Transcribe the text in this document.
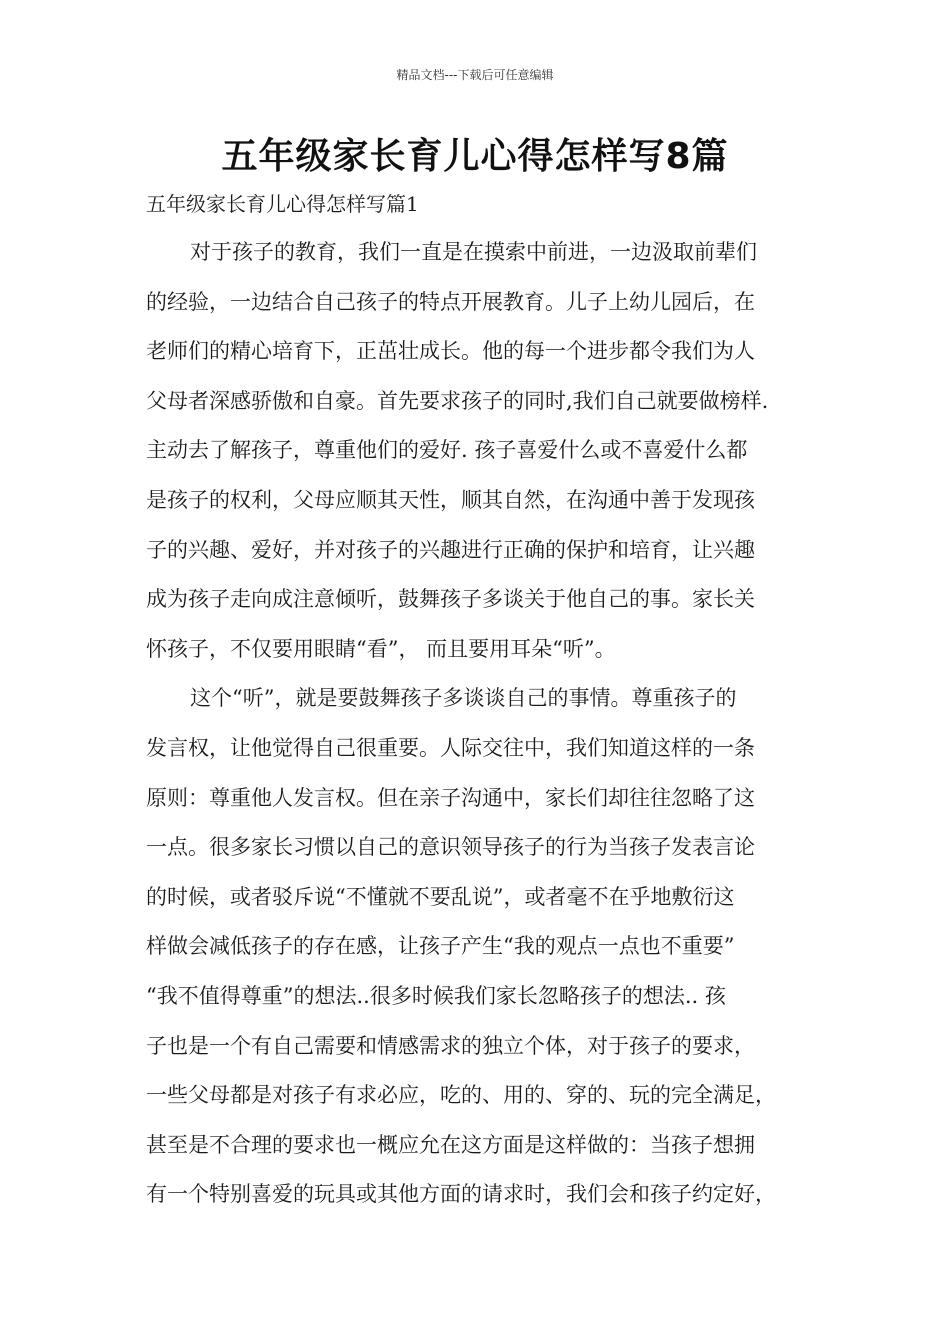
精品文档---下载后可任意编辑
五年级家长育儿心得怎样写8篇
五年级家长育儿心得怎样写篇1
对于孩子的教育，我们一直是在摸索中前进，一边汲取前辈们
的经验，一边结合自己孩子的特点开展教育。儿子上幼儿园后，在
老师们的精心培育下，正茁壮成长。他的每一个进步都令我们为人
父母者深感骄傲和自豪。首先要求孩子的同时,我们自己就要做榜样.
主动去了解孩子，尊重他们的爱好. 孩子喜爱什么或不喜爱什么都
是孩子的权利，父母应顺其天性，顺其自然，在沟通中善于发现孩
子的兴趣、爱好，并对孩子的兴趣进行正确的保护和培育，让兴趣
成为孩子走向成注意倾听，鼓舞孩子多谈关于他自己的事。家长关
怀孩子，不仅要用眼睛“看”， 而且要用耳朵“听”。
这个“听”，就是要鼓舞孩子多谈谈自己的事情。尊重孩子的
发言权，让他觉得自己很重要。人际交往中，我们知道这样的一条
原则：尊重他人发言权。但在亲子沟通中，家长们却往往忽略了这
一点。很多家长习惯以自己的意识领导孩子的行为当孩子发表言论
的时候，或者驳斥说“不懂就不要乱说”，或者毫不在乎地敷衍这
样做会减低孩子的存在感，让孩子产生“我的观点一点也不重要”
“我不值得尊重”的想法..很多时候我们家长忽略孩子的想法.. 孩
子也是一个有自己需要和情感需求的独立个体，对于孩子的要求，
一些父母都是对孩子有求必应，吃的、用的、穿的、玩的完全满足，
甚至是不合理的要求也一概应允在这方面是这样做的：当孩子想拥
有一个特别喜爱的玩具或其他方面的请求时，我们会和孩子约定好，
